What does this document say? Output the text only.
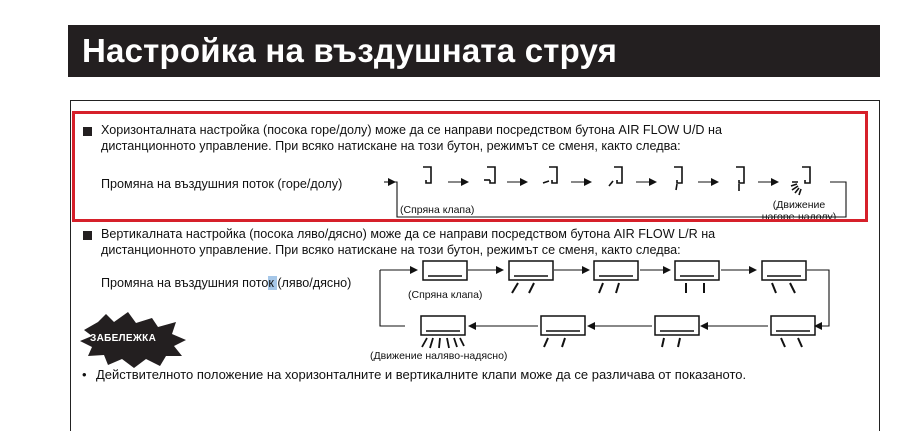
Настройка на въздушната струя
Хоризонталната настройка (посока горе/долу) може да се направи посредством бутона AIR FLOW U/D на
дистанционното управление. При всяко натискане на този бутон, режимът се сменя, както следва:
Промяна на въздушния поток (горе/долу)
(Спряна клапа)	(Движение
нагоре-надолу)
Вертикалната настройка (посока ляво/дясно) може да се направи посредством бутона AIR FLOW L/R на
дистанционното управление. При всяко натискане на този бутон, режимът се сменя, както следва:
Промяна на въздушния поток (ляво/дясно)
(Спряна клапа)
(Движение наляво-надясно)
• Действителното положение на хоризонталните и вертикалните клапи може да се различава от показаното.
ЗАБЕЛЕЖКА
